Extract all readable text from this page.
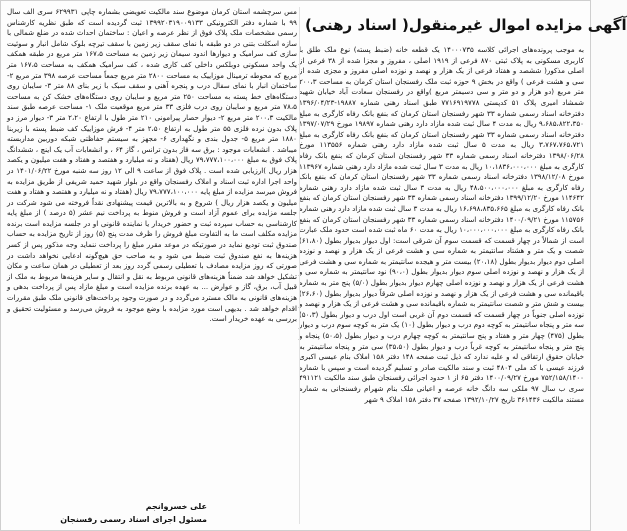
آگهی مزایده اموال غیرمنقول( اسناد رهنی)

به موجب پرونده‌های اجرائی کلاسه ۱۴۰۰۰۷۳۵ یک قطعه خانه (ضبط پسته) نوع ملک طلق با کاربری مسکونی به پلاک ثبتی ۸۷۰ فرعی از ۱۹۱۹ اصلی ، مفروز و مجزا شده از ۳۸ فرعی از اصلی مذکور( ششصد و هفتاد فرعی از یک هزار و نهصد و نوزده اصلی مفروز و مجزی شده از سی و هشت فرعی ) واقع در بخش ۹ حوزه ثبت ملک رفسنجان استان کرمان به مساحت ۲۰۰،۳ متر مربع (دو هزار و دو متر و سی دسیمتر مربع )واقع در رفسنجان سعادت آباد خیابان شهید شمشاد امیری پلاک ۵۱ کدپستی ۷۷۱۶۹۱۹۷۷۸ طبق اسناد رهنی شماره ۱۹۸۸۷-۱۳۹۶/۰۴/۲۳ دفترخانه اسناد رسمی شماره ۳۳ شهر رفسنجان استان کرمان که بنفع بانک رفاه کارگری به مبلغ ۹،۶۸۵،۸۲۲،۳۵۰ ریال به مدت ۴ سال ثبت شده مازاد دارد رهنی شماره ۱۹۸۹۷ مورخ ۱۳۹۷/۰۷/۲۹ دفترخانه اسناد رسمی شماره ۳۳ شهر رفسنجان استان کرمان که بنفع بانک رفاه کارگری به مبلغ ۳،۷۶۷،۷۶۵،۷۲۱ ریال به مدت ۵ سال ثبت شده مازاد دارد رهنی شماره ۱۱۳۵۵۶ مورخ ۱۳۹۸/۰۶/۲۸ دفترخانه اسناد رسمی شماره ۳۳ شهر رفسنجان استان کرمان که بنفع بانک رفاه کارگری به مبلغ ۱۰،۱۸۳۶،۰۰۰،۰۰۰ ریال به مدت ۳ سال ثبت شده مازاد دارد رهنی شماره ۱۱۳۹۶۷ مورخ ۱۳۹۸/۱۲/۰۸ دفترخانه اسناد رسمی شماره ۳۳ شهر رفسنجان استان کرمان که بنفع بانک رفاه کارگری به مبلغ ۴۸،۵۰۰،۰۰۰،۰۰۰ ریال به مدت ۳ سال ثبت شده مازاد دارد رهنی شماره ۱۱۴۶۴۲ مورخ ۱۳۹۹/۱۲/۲۰ دفترخانه اسناد رسمی شماره ۳۳ شهر رفسنجان استان کرمان که بنفع بانک رفاه کارگری به مبلغ ۱۶،۶۹۸،۸۳۵،۶۶۵ ریال به مدت ۳ سال ثبت شده مازاد دارد رهنی شماره ۱۱۵۷۵۶ مورخ ۱۴۰۰/۰۹/۲۱ دفترخانه اسناد رسمی شماره ۳۳ شهر رفسنجان استان کرمان که بنفع بانک رفاه کارگری به مبلغ ۱۰،۰۰۰،۰۰۰،۰۰۰ ریال به مدت ۶۰ ماه ثبت شده است حدود ملک عبارت است از شمالاً در چهار قسمت که قسمت سوم آن شرقی است: اول دیوار بدیوار بطول (۶۱،۸۰) شصت و یک متر و هشتاد سانتیمتر به شماره سی و هشت فرعی از یک هزار و نهصد و نوزده اصلی دوم دیوار بدیوار بطول (۲۰،۱۸) بیست متر و هیجده سانتیمتر به شماره سی و هشت فرعی از یک هزار و نهصد و نوزده اصلی سوم دیوار بدیوار بطول (۹۰،۰) نود سانتیمتر به شماره سی و هشت فرعی از یک هزار و نهصد و نوزده اصلی چهارم دیوار بدیوار بطول (۵/۰) پنج متر به شماره باقیمانده سی و هشت فرعی از یک هزار و نهصد و نوزده اصلی شرقاً دیوار بدیوار بطول (۲۶،۶۰) بیست و شش متر و شصت سانتیمتر به شماره باقیمانده سی و هشت فرعی از یک هزار و نهصد و نوزده اصلی جنوباً در چهار قسمت که قسمت دوم آن غربی است اول درب و دیوار بطول (۵۰،۳) سه متر و پنجاه سانتیمتر به کوچه دوم درب و دیوار بطول (۱۰) یک متر به کوچه سوم درب و دیوار بطول (۴۷۵) چهار متر و هفتاد و پنج سانتیمتر به کوچه چهارم درب و دیوار بطول (۵۰،۵) پنجاه و پنج متر و پنجاه سانتیمتر به کوچه غرباً درب و دیوار بطول (۳۵،۵۰) سی متر و پنجاه سانتیمتر به خیابان حقوق ارتفاقی له و علیه ندارد که ذیل ثبت صفحه ۱۴۸ دفتر ۱۵۸ املاک بنام عیسی اکبری فرزند عیسی با کد ملی ۴۸۰۴ ثبت و سند مالکیت صادر و تسلیم گردیده است و سپس با شماره ۷۵۲/۱۵۸/۱۴۰۰ مورخ ۱۴۰۰/۰۹/۲۷ دفتر ۶۵ از ۱ حدود اجرائی رفسنجان طبق سند مالکیت ۴۹۱۱۲۱ سری ب سال ۹۷ ملکی سه دانگ خانه عرصه و اعیانی ملک بنام شهرام رفسنجانی به شماره مستند مالکیت ۳۶۱۴۳۶ تاریخ ۱۳۹۲/۱۰/۲۷ صفحه ۳۷ دفتر ۱۵۸ املاک ۹ شهر

مس سرچشمه استان کرمان موضوع سند مالکیت تعویضی بشماره چاپی ۶۲۹۹۳۱ سری الف سال ۹۹ با شماره دفتر الکترونیکی ۱۳۹۹۲۰۳۱۹۰۰۹۱۳۳ ثبت گردیده است که طبق نظریه کارشناس رسمی مشخصات ملک پلاک فوق از نظر عرصه و اعیان : ساختمان احداث شده در ضلع شمالی با سازه اسکلت بتنی در دو طبقه با نمای سقف زیر زمین با سقف تیرچه بلوک شامل انبار و سوئیت سازی کف سرامیک و دیوارها اندود سیمان زیر زمین به مساحت ۱۶۷،۵ متر مربع در طبقه همکف یک واحد مسکونی دوبلکس داخلی کف کاری شده ، کف سرامیک همکف به مساحت ۱۶۷،۵ متر مربع که محوطه ترمینال موزاییک به مساحت ۲۸۰۰ متر مربع جمعاً مساحت عرصه ۳۹۸ متر مربع ۲- ساختمان انبار با نمای سفال درب و پنجره آهنی و سقف سبک با زیر بنای ۸۸ متر ۳- سایبان روی دستگاه‌های خط پسته به مساحت ۲۵۰ متر مربع و سایبان روی دستگاه‌های خشک کن به مساحت ۷۸،۵ متر مربع و سایبان روی درب فلزی ۳۳ متر مربع موقعیت ملک ۱- مساحت عرصه طبق سند مالکیت ۲۰۰،۳ متر مربع ۲- دیوار حصار پیرامونی ۲۱۰ متر طول با ارتفاع ۲،۲۰ متر ۳- دیوار مرز دو پلاک بدون نرده فلزی ۵۵ متر طول به ارتفاع ۲،۵۰ متر ۴- فرش موزاییک کف ضبط پسته با زیربنا ۱۸۸۰ متر مربع ۵- جدول بندی و نگهداری ۶- مجهز به سیستم حفاظتی شبکه دوربین مداربسته میباشد . انشعابات موجود : برق سه فاز بدون ترانس ، گاز ۶۴ ، و انشعابات آب یک اینچ ، ششدانگ پلاک فوق به مبلغ ۷۹،۷۷۷،۱۰۰،۰۰۰ ریال (هفتاد و نه میلیارد و هفتصد و هفتاد و هفت میلیون و یکصد هزار ریال )ارزیابی شده است . پلاک فوق از ساعت ۹ الی ۱۲ روز سه شنبه مورخ ۱۴۰۱/۰۶/۲۲ در واحد اجرا اداره ثبت اسناد و املاک رفسنجان واقع در بلوار شهید حمید شریفی از طریق مزایده به فروش میرسد مزایده از مبلغ پایه ۷۹،۷۷۷،۱۰۰،۰۰۰ ریال (هفتاد و نه میلیارد و هفتصد و هفتاد و هفت میلیون و یکصد هزار ریال ) شروع و به بالاترین قیمت پیشنهادی نقداً فروخته می شود شرکت در جلسه مزایده برای عموم آزاد است و فروش منوط به پرداخت نیم عشر (۵ درصد ) از مبلغ پایه کارشناسی به حساب سپرده ثبت و حضور خریدار یا نماینده قانونی او در جلسه مزایده است برنده مزایده مکلف است ما به التفاوت مبلغ فروش را ظرف مدت پنج (۵) روز از تاریخ مزایده به حساب صندوق ثبت تودیع نماید در صورتیکه در موعد مقرر مبلغ را پرداخت ننماید وجه مذکور پس از کسر هزینه‌ها به نفع صندوق ثبت ضبط می شود و به صاحب حق هیچ‌گونه ادعایی نخواهد داشت در صورتی که روز مزایده مصادف با تعطیلی رسمی گردد روز بعد از تعطیلی در همان ساعت و مکان تشکیل خواهد شد ضمناً هزینه‌های قانونی مربوط به نقل و انتقال و سایر هزینه‌ها مربوط به ملک از قبیل آب، برق، گاز و عوارض ... به عهده برنده مزایده است و مبلغ مازاد پس از پرداخت بدهی و هزینه‌های قانونی به مالک مسترد می‌گردد و در صورت وجود پرداخت‌های قانونی ملک طبق مقررات اقدام خواهد شد . بدیهی است مورد مزایده با وضع موجود به فروش می‌رسد و مسئولیت تحقیق و بررسی به عهده خریدار است.

علی خسروانجم
مسئول اجرای اسناد رسمی رفسنجان
